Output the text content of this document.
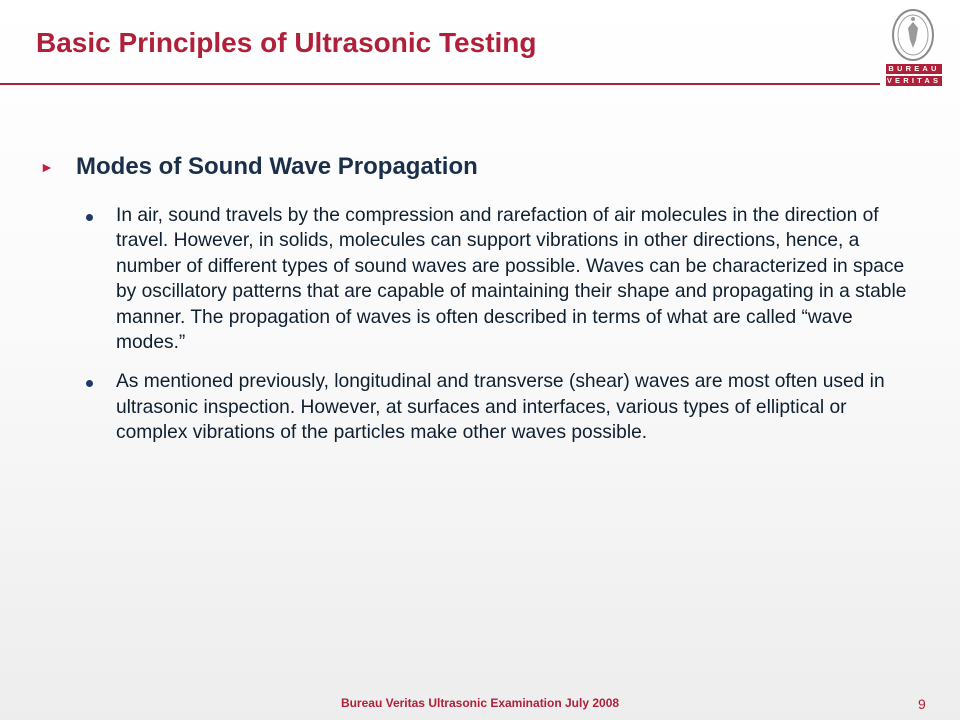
Basic Principles of Ultrasonic Testing
BUREAU
VERITAS
► Modes of Sound Wave Propagation
In air, sound travels by the compression and rarefaction of air molecules in the direction of travel. However, in solids, molecules can support vibrations in other directions, hence, a number of different types of sound waves are possible. Waves can be characterized in space by oscillatory patterns that are capable of maintaining their shape and propagating in a stable manner. The propagation of waves is often described in terms of what are called “wave modes.”
As mentioned previously, longitudinal and transverse (shear) waves are most often used in ultrasonic inspection. However, at surfaces and interfaces, various types of elliptical or complex vibrations of the particles make other waves possible.
Bureau Veritas Ultrasonic Examination July 2008	9
